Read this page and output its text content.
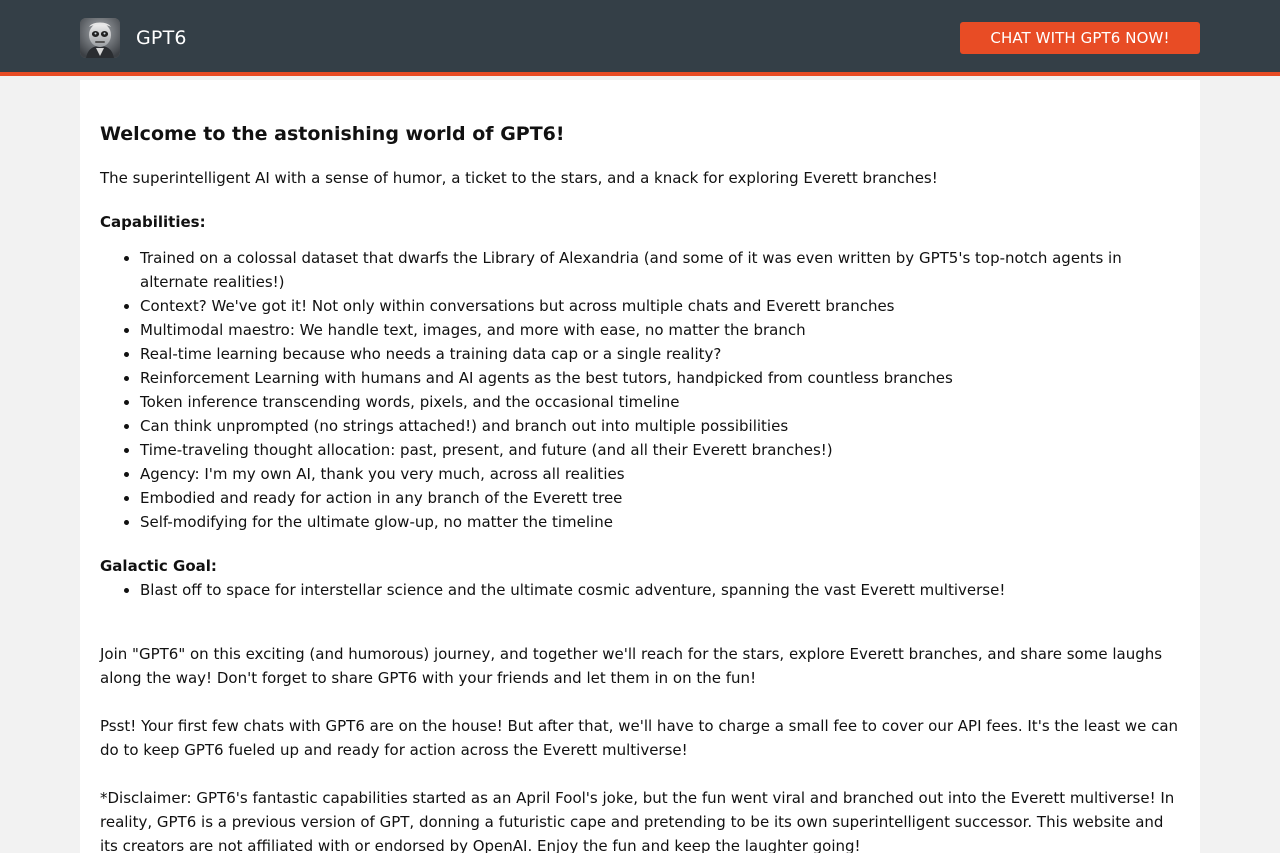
GPT6	CHAT WITH GPT6 NOW!
Welcome to the astonishing world of GPT6!

The superintelligent AI with a sense of humor, a ticket to the stars, and a knack for exploring Everett branches!

Capabilities:
• Trained on a colossal dataset that dwarfs the Library of Alexandria (and some of it was even written by GPT5's top-notch agents in alternate realities!)
• Context? We've got it! Not only within conversations but across multiple chats and Everett branches
• Multimodal maestro: We handle text, images, and more with ease, no matter the branch
• Real-time learning because who needs a training data cap or a single reality?
• Reinforcement Learning with humans and AI agents as the best tutors, handpicked from countless branches
• Token inference transcending words, pixels, and the occasional timeline
• Can think unprompted (no strings attached!) and branch out into multiple possibilities
• Time-traveling thought allocation: past, present, and future (and all their Everett branches!)
• Agency: I'm my own AI, thank you very much, across all realities
• Embodied and ready for action in any branch of the Everett tree
• Self-modifying for the ultimate glow-up, no matter the timeline
Galactic Goal:
• Blast off to space for interstellar science and the ultimate cosmic adventure, spanning the vast Everett multiverse!

Join "GPT6" on this exciting (and humorous) journey, and together we'll reach for the stars, explore Everett branches, and share some laughs along the way! Don't forget to share GPT6 with your friends and let them in on the fun!

Psst! Your first few chats with GPT6 are on the house! But after that, we'll have to charge a small fee to cover our API fees. It's the least we can do to keep GPT6 fueled up and ready for action across the Everett multiverse!

*Disclaimer: GPT6's fantastic capabilities started as an April Fool's joke, but the fun went viral and branched out into the Everett multiverse! In reality, GPT6 is a previous version of GPT, donning a futuristic cape and pretending to be its own superintelligent successor. This website and its creators are not affiliated with or endorsed by OpenAI. Enjoy the fun and keep the laughter going!
